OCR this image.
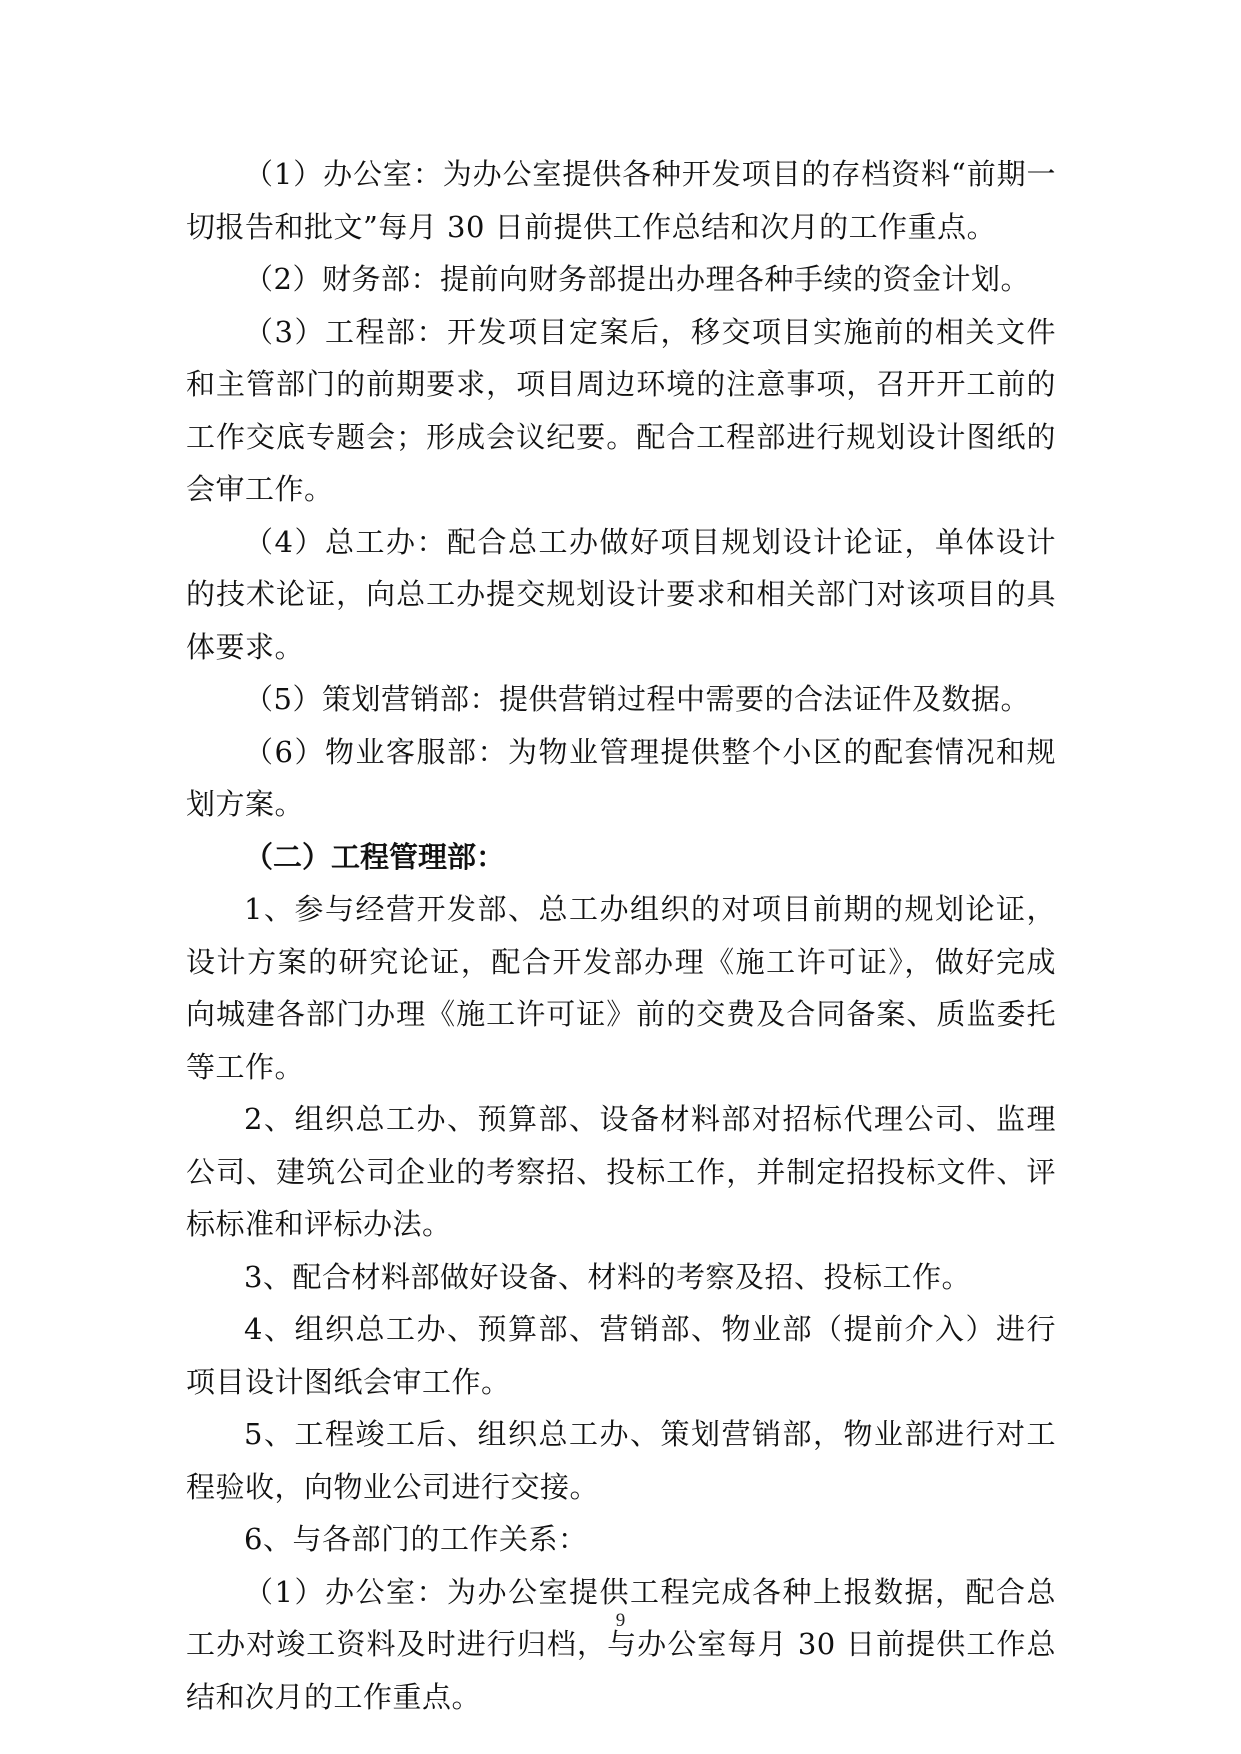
（1）办公室：为办公室提供各种开发项目的存档资料“前期一切报告和批文”每月 30 日前提供工作总结和次月的工作重点。

（2）财务部：提前向财务部提出办理各种手续的资金计划。

（3）工程部：开发项目定案后，移交项目实施前的相关文件和主管部门的前期要求，项目周边环境的注意事项，召开开工前的工作交底专题会；形成会议纪要。配合工程部进行规划设计图纸的会审工作。

（4）总工办：配合总工办做好项目规划设计论证，单体设计的技术论证，向总工办提交规划设计要求和相关部门对该项目的具体要求。

（5）策划营销部：提供营销过程中需要的合法证件及数据。

（6）物业客服部：为物业管理提供整个小区的配套情况和规划方案。

（二）工程管理部：

1、参与经营开发部、总工办组织的对项目前期的规划论证，设计方案的研究论证，配合开发部办理《施工许可证》，做好完成向城建各部门办理《施工许可证》前的交费及合同备案、质监委托等工作。

2、组织总工办、预算部、设备材料部对招标代理公司、监理公司、建筑公司企业的考察招、投标工作，并制定招投标文件、评标标准和评标办法。

3、配合材料部做好设备、材料的考察及招、投标工作。

4、组织总工办、预算部、营销部、物业部（提前介入）进行项目设计图纸会审工作。

5、工程竣工后、组织总工办、策划营销部，物业部进行对工程验收，向物业公司进行交接。

6、与各部门的工作关系：

（1）办公室：为办公室提供工程完成各种上报数据，配合总工办对竣工资料及时进行归档，与办公室每月 30 日前提供工作总结和次月的工作重点。

9
